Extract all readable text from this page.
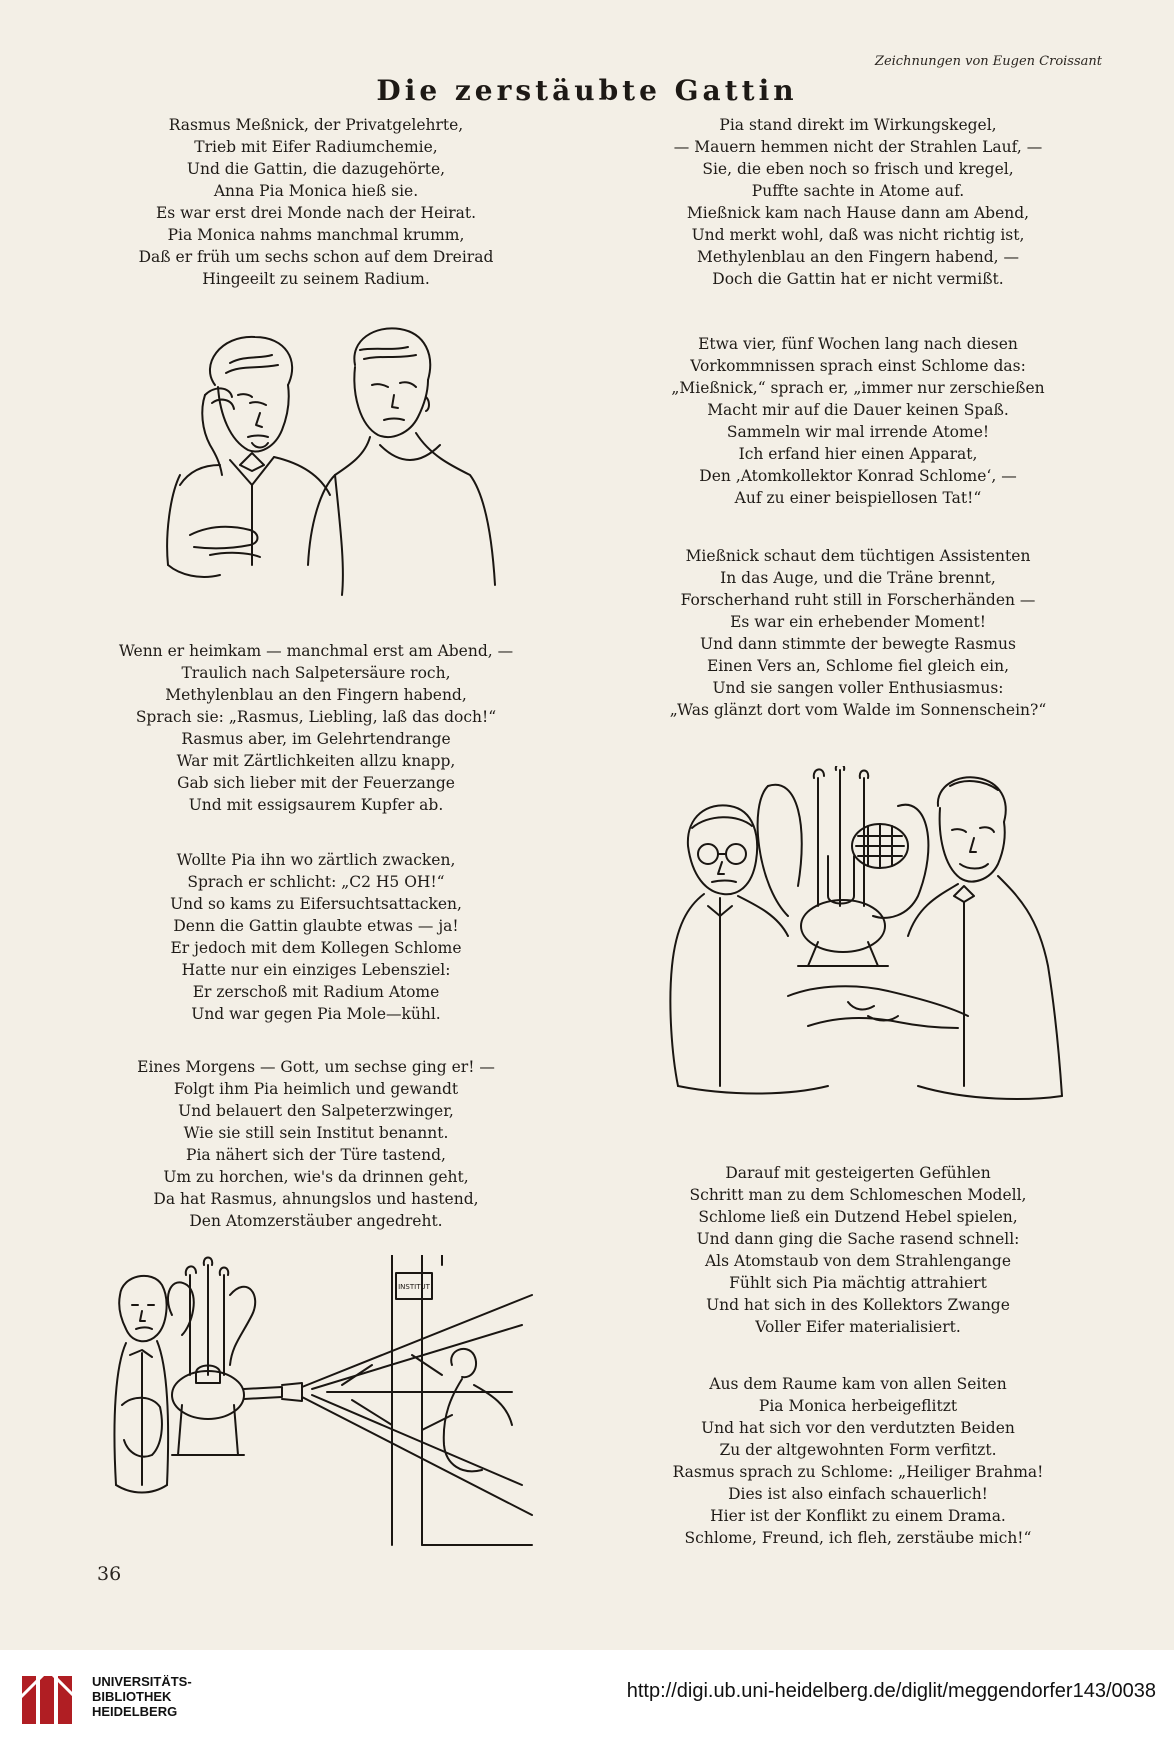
Zeichnungen von Eugen Croissant
Die zerstäubte Gattin
Rasmus Meßnick, der Privatgelehrte,
Trieb mit Eifer Radiumchemie,
Und die Gattin, die dazugehörte,
Anna Pia Monica hieß sie.
Es war erst drei Monde nach der Heirat.
Pia Monica nahms manchmal krumm,
Daß er früh um sechs schon auf dem Dreirad
Hingeeilt zu seinem Radium.
Wenn er heimkam — manchmal erst am Abend, —
Traulich nach Salpetersäure roch,
Methylenblau an den Fingern habend,
Sprach sie: „Rasmus, Liebling, laß das doch!“
Rasmus aber, im Gelehrtendrange
War mit Zärtlichkeiten allzu knapp,
Gab sich lieber mit der Feuerzange
Und mit essigsaurem Kupfer ab.
Wollte Pia ihn wo zärtlich zwacken,
Sprach er schlicht: „C2 H5 OH!“
Und so kams zu Eifersuchtsattacken,
Denn die Gattin glaubte etwas — ja!
Er jedoch mit dem Kollegen Schlome
Hatte nur ein einziges Lebensziel:
Er zerschoß mit Radium Atome
Und war gegen Pia Mole—kühl.
Eines Morgens — Gott, um sechse ging er! —
Folgt ihm Pia heimlich und gewandt
Und belauert den Salpeterzwinger,
Wie sie still sein Institut benannt.
Pia nähert sich der Türe tastend,
Um zu horchen, wie's da drinnen geht,
Da hat Rasmus, ahnungslos und hastend,
Den Atomzerstäuber angedreht.
INSTITUT
Pia stand direkt im Wirkungskegel,
— Mauern hemmen nicht der Strahlen Lauf, —
Sie, die eben noch so frisch und kregel,
Puffte sachte in Atome auf.
Mießnick kam nach Hause dann am Abend,
Und merkt wohl, daß was nicht richtig ist,
Methylenblau an den Fingern habend, —
Doch die Gattin hat er nicht vermißt.
Etwa vier, fünf Wochen lang nach diesen
Vorkommnissen sprach einst Schlome das:
„Mießnick,“ sprach er, „immer nur zerschießen
Macht mir auf die Dauer keinen Spaß.
Sammeln wir mal irrende Atome!
Ich erfand hier einen Apparat,
Den ‚Atomkollektor Konrad Schlome‘, —
Auf zu einer beispiellosen Tat!“
Mießnick schaut dem tüchtigen Assistenten
In das Auge, und die Träne brennt,
Forscherhand ruht still in Forscherhänden —
Es war ein erhebender Moment!
Und dann stimmte der bewegte Rasmus
Einen Vers an, Schlome fiel gleich ein,
Und sie sangen voller Enthusiasmus:
„Was glänzt dort vom Walde im Sonnenschein?“
Darauf mit gesteigerten Gefühlen
Schritt man zu dem Schlomeschen Modell,
Schlome ließ ein Dutzend Hebel spielen,
Und dann ging die Sache rasend schnell:
Als Atomstaub von dem Strahlengange
Fühlt sich Pia mächtig attrahiert
Und hat sich in des Kollektors Zwange
Voller Eifer materialisiert.
Aus dem Raume kam von allen Seiten
Pia Monica herbeigeflitzt
Und hat sich vor den verdutzten Beiden
Zu der altgewohnten Form verfitzt.
Rasmus sprach zu Schlome: „Heiliger Brahma!
Dies ist also einfach schauerlich!
Hier ist der Konflikt zu einem Drama.
Schlome, Freund, ich fleh, zerstäube mich!“
36
UNIVERSITÄTS-
BIBLIOTHEK
HEIDELBERG
http://digi.ub.uni-heidelberg.de/diglit/meggendorfer143/0038
